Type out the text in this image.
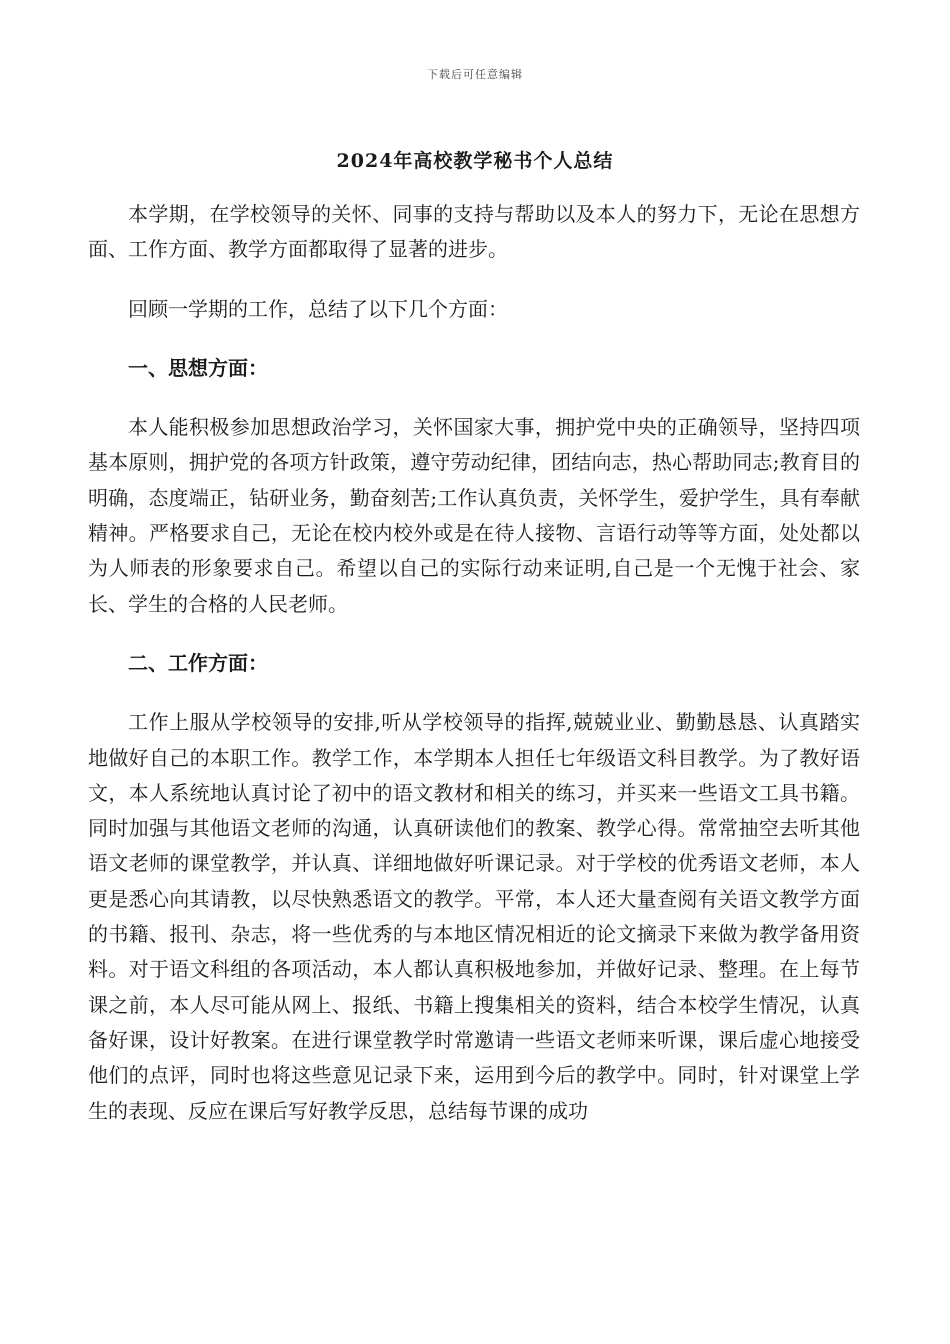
下载后可任意编辑
2024年高校教学秘书个人总结

本学期，在学校领导的关怀、同事的支持与帮助以及本人的努力下，无论在思想方面、工作方面、教学方面都取得了显著的进步。

回顾一学期的工作，总结了以下几个方面：

一、思想方面：

本人能积极参加思想政治学习，关怀国家大事，拥护党中央的正确领导，坚持四项基本原则，拥护党的各项方针政策，遵守劳动纪律，团结向志，热心帮助同志;教育目的明确，态度端正，钻研业务，勤奋刻苦;工作认真负责，关怀学生，爱护学生，具有奉献精神。严格要求自己，无论在校内校外或是在待人接物、言语行动等等方面，处处都以为人师表的形象要求自己。希望以自己的实际行动来证明,自己是一个无愧于社会、家长、学生的合格的人民老师。

二、工作方面：

工作上服从学校领导的安排,听从学校领导的指挥,兢兢业业、勤勤恳恳、认真踏实地做好自己的本职工作。教学工作，本学期本人担任七年级语文科目教学。为了教好语文，本人系统地认真讨论了初中的语文教材和相关的练习，并买来一些语文工具书籍。同时加强与其他语文老师的沟通，认真研读他们的教案、教学心得。常常抽空去听其他语文老师的课堂教学，并认真、详细地做好听课记录。对于学校的优秀语文老师，本人更是悉心向其请教，以尽快熟悉语文的教学。平常，本人还大量查阅有关语文教学方面的书籍、报刊、杂志，将一些优秀的与本地区情况相近的论文摘录下来做为教学备用资料。对于语文科组的各项活动，本人都认真积极地参加，并做好记录、整理。在上每节课之前，本人尽可能从网上、报纸、书籍上搜集相关的资料，结合本校学生情况，认真备好课，设计好教案。在进行课堂教学时常邀请一些语文老师来听课，课后虚心地接受他们的点评，同时也将这些意见记录下来，运用到今后的教学中。同时，针对课堂上学生的表现、反应在课后写好教学反思，总结每节课的成功
